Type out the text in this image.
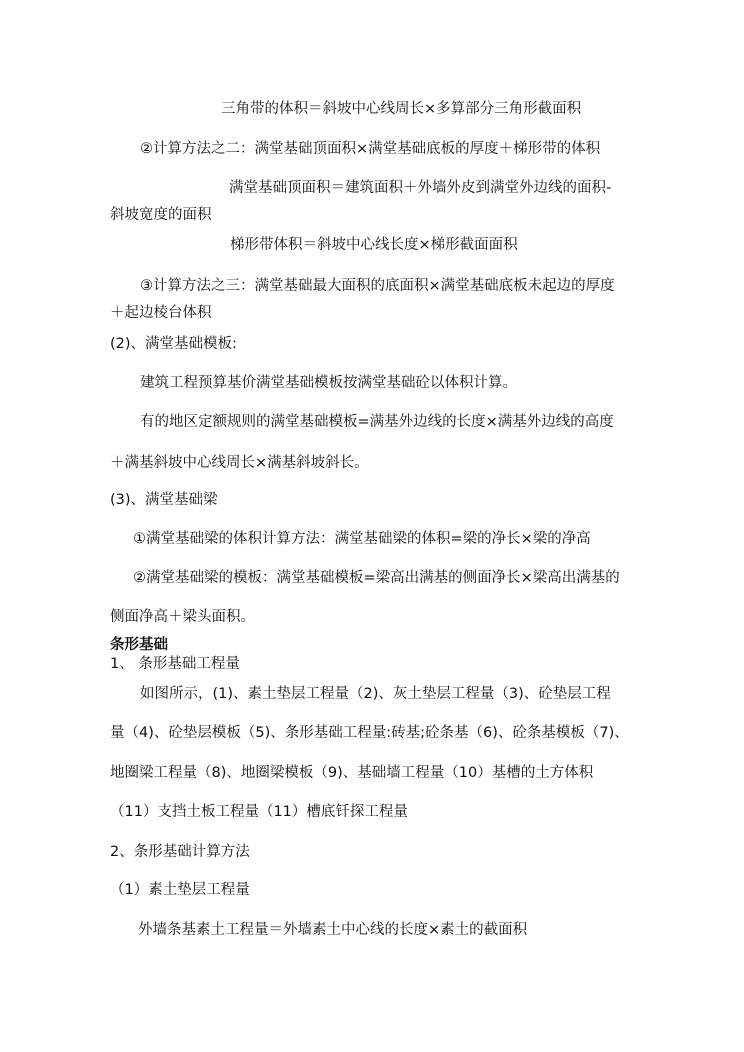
三角带的体积＝斜坡中心线周长×多算部分三角形截面积
②计算方法之二：满堂基础顶面积×满堂基础底板的厚度＋梯形带的体积
满堂基础顶面积＝建筑面积＋外墙外皮到满堂外边线的面积-
斜坡宽度的面积
梯形带体积＝斜坡中心线长度×梯形截面面积
③计算方法之三：满堂基础最大面积的底面积×满堂基础底板未起边的厚度
＋起边棱台体积
(2)、满堂基础模板:
建筑工程预算基价满堂基础模板按满堂基础砼以体积计算。
有的地区定额规则的满堂基础模板=满基外边线的长度×满基外边线的高度
＋满基斜坡中心线周长×满基斜坡斜长。
(3)、满堂基础梁
①满堂基础梁的体积计算方法：满堂基础梁的体积=梁的净长×梁的净高
②满堂基础梁的模板：满堂基础模板=梁高出满基的侧面净长×梁高出满基的
侧面净高＋梁头面积。
条形基础
1、 条形基础工程量
如图所示，(1)、素土垫层工程量（2)、灰土垫层工程量（3)、砼垫层工程
量（4)、砼垫层模板（5)、条形基础工程量:砖基;砼条基（6)、砼条基模板（7)、
地圈梁工程量（8)、地圈梁模板（9)、基础墙工程量（10）基槽的土方体积
（11）支挡土板工程量（11）槽底钎探工程量
2、条形基础计算方法
（1）素土垫层工程量
外墙条基素土工程量＝外墙素土中心线的长度×素土的截面积
